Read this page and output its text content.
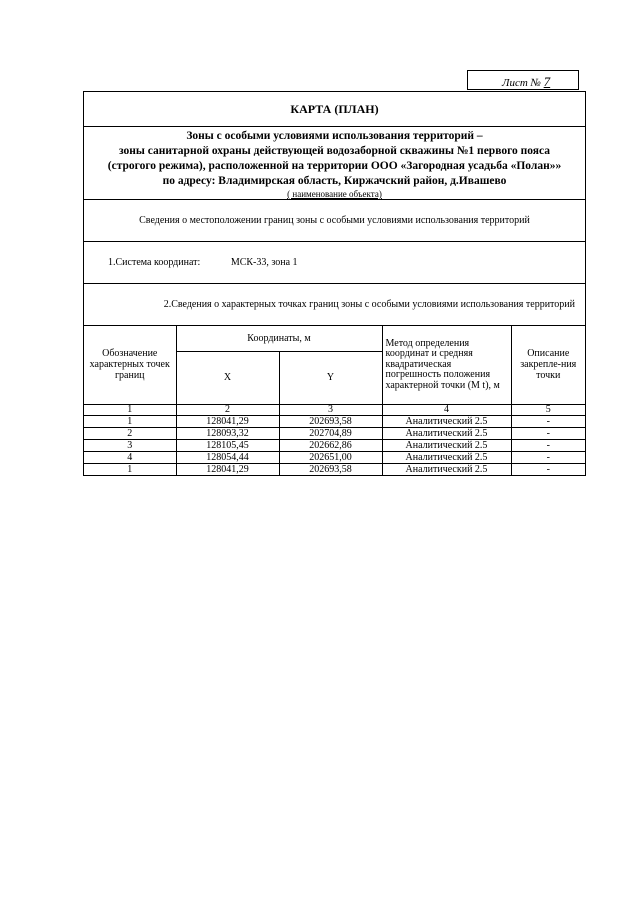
Лист № 7
КАРТА (ПЛАН)
Зоны с особыми условиями использования территорий –
зоны санитарной охраны действующей водозаборной скважины №1 первого пояса
(строгого режима), расположенной на территории ООО «Загородная усадьба «Полан»»
по адресу: Владимирская область, Киржачский район, д.Ивашево
( наименование объекта)
Сведения о местоположении границ зоны с особыми условиями использования территорий
1.Система координат:	МСК-33, зона 1
2.Сведения о характерных точках границ зоны с особыми условиями использования территорий
Обозначение характерных точек границ	Координаты, м		Метод определения координат и средняя квадратическая погрешность положения характерной точки (M t), м	Описание закрепле-ния точки
	X	Y		
1	2	3	4	5
1	128041,29	202693,58	Аналитический 2.5	-
2	128093,32	202704,89	Аналитический 2.5	-
3	128105,45	202662,86	Аналитический 2.5	-
4	128054,44	202651,00	Аналитический 2.5	-
1	128041,29	202693,58	Аналитический 2.5	-
